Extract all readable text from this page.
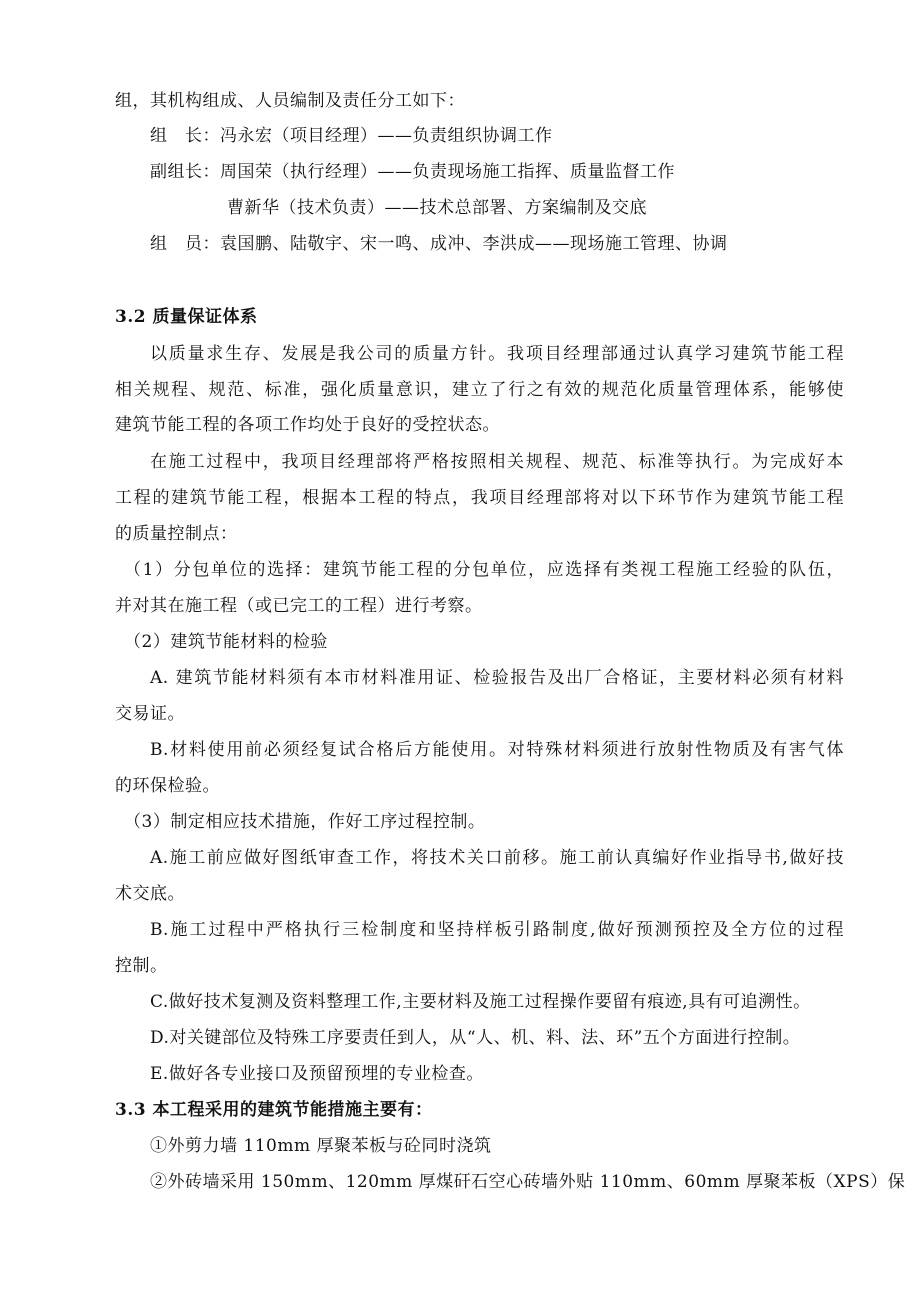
组，其机构组成、人员编制及责任分工如下：
组　长：冯永宏（项目经理）——负责组织协调工作
副组长：周国荣（执行经理）——负责现场施工指挥、质量监督工作
曹新华（技术负责）——技术总部署、方案编制及交底
组　员：袁国鹏、陆敬宇、宋一鸣、成冲、李洪成——现场施工管理、协调
3.2 质量保证体系
以质量求生存、发展是我公司的质量方针。我项目经理部通过认真学习建筑节能工程
相关规程、规范、标准，强化质量意识，建立了行之有效的规范化质量管理体系，能够使
建筑节能工程的各项工作均处于良好的受控状态。
在施工过程中，我项目经理部将严格按照相关规程、规范、标准等执行。为完成好本
工程的建筑节能工程，根据本工程的特点，我项目经理部将对以下环节作为建筑节能工程
的质量控制点：
（1）分包单位的选择：建筑节能工程的分包单位，应选择有类视工程施工经验的队伍，
并对其在施工程（或已完工的工程）进行考察。
（2）建筑节能材料的检验
A. 建筑节能材料须有本市材料准用证、检验报告及出厂合格证，主要材料必须有材料
交易证。
B.材料使用前必须经复试合格后方能使用。对特殊材料须进行放射性物质及有害气体
的环保检验。
（3）制定相应技术措施，作好工序过程控制。
A.施工前应做好图纸审查工作，将技术关口前移。施工前认真编好作业指导书,做好技
术交底。
B.施工过程中严格执行三检制度和坚持样板引路制度,做好预测预控及全方位的过程
控制。
C.做好技术复测及资料整理工作,主要材料及施工过程操作要留有痕迹,具有可追溯性。
D.对关键部位及特殊工序要责任到人，从“人、机、料、法、环”五个方面进行控制。
E.做好各专业接口及预留预埋的专业检查。
3.3 本工程采用的建筑节能措施主要有：
①外剪力墙 110mm 厚聚苯板与砼同时浇筑
②外砖墙采用 150mm、120mm 厚煤矸石空心砖墙外贴 110mm、60mm 厚聚苯板（XPS）保
